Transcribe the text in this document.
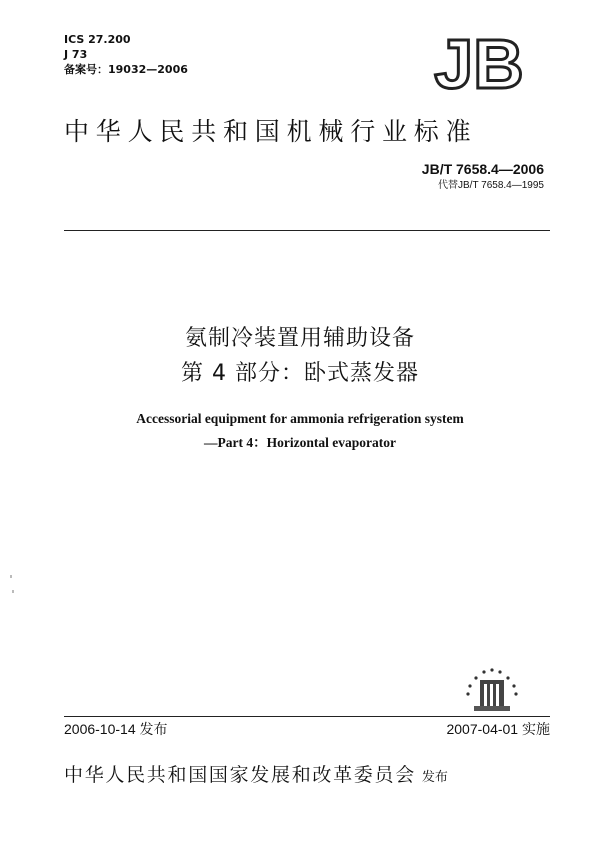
ICS 27.200
J 73
备案号：19032—2006	JB
中华人民共和国机械行业标准
JB/T 7658.4—2006
代替JB/T 7658.4—1995
氨制冷装置用辅助设备
第 4 部分：卧式蒸发器
Accessorial equipment for ammonia refrigeration system
—Part 4：Horizontal evaporator
2006-10-14 发布	2007-04-01 实施
中华人民共和国国家发展和改革委员会 发布
